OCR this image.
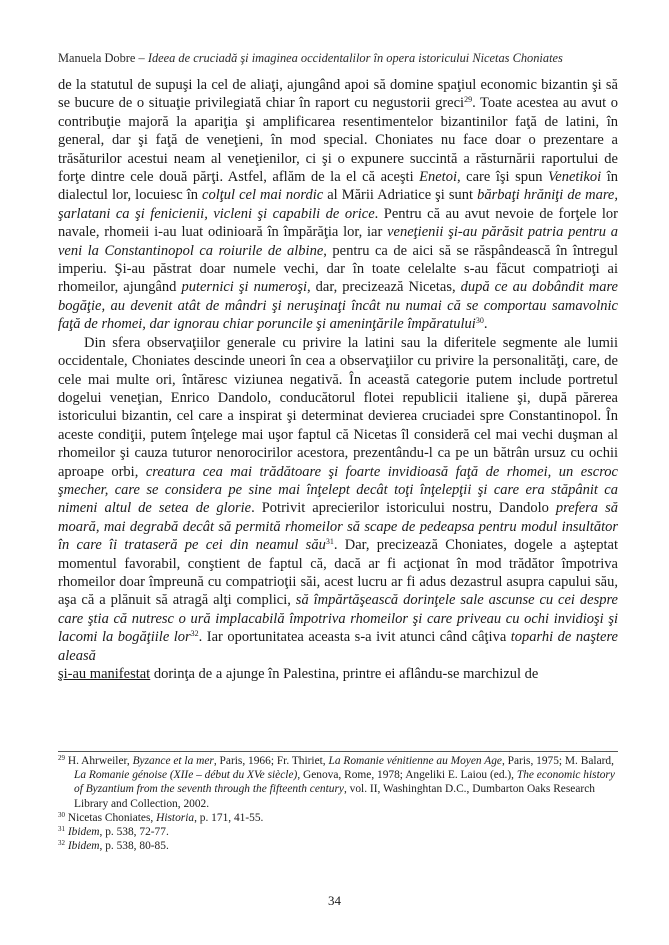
Manuela Dobre – Ideea de cruciadă şi imaginea occidentalilor în opera istoricului Nicetas Choniates

de la statutul de supuşi la cel de aliaţi, ajungând apoi să domine spaţiul economic bizantin şi să se bucure de o situaţie privilegiată chiar în raport cu negustorii greci$^{29}$. Toate acestea au avut o contribuţie majoră la apariţia şi amplificarea resentimentelor bizantinilor faţă de latini, în general, dar şi faţă de veneţieni, în mod special. Choniates nu face doar o prezentare a trăsăturilor acestui neam al veneţienilor, ci şi o expunere succintă a răsturnării raportului de forţe dintre cele două părţi. Astfel, aflăm de la el că aceşti Enetoi, care îşi spun Venetikoi în dialectul lor, locuiesc în colţul cel mai nordic al Mării Adriatice şi sunt bărbaţi hrăniţi de mare, şarlatani ca şi fenicienii, vicleni şi capabili de orice. Pentru că au avut nevoie de forţele lor navale, rhomeii i-au luat odinioară în împărăţia lor, iar veneţienii şi-au părăsit patria pentru a veni la Constantinopol ca roiurile de albine, pentru ca de aici să se răspândească în întregul imperiu. Şi-au păstrat doar numele vechi, dar în toate celelalte s-au făcut compatrioţi ai rhomeilor, ajungând puternici şi numeroşi, dar, precizează Nicetas, după ce au dobândit mare bogăţie, au devenit atât de mândri şi neruşinaţi încât nu numai că se comportau samavolnic faţă de rhomei, dar ignorau chiar poruncile şi ameninţările împăratului$^{30}$.

Din sfera observaţiilor generale cu privire la latini sau la diferitele segmente ale lumii occidentale, Choniates descinde uneori în cea a observaţiilor cu privire la personalităţi, care, de cele mai multe ori, întăresc viziunea negativă. În această categorie putem include portretul dogelui veneţian, Enrico Dandolo, conducătorul flotei republicii italiene şi, după părerea istoricului bizantin, cel care a inspirat şi determinat devierea cruciadei spre Constantinopol. În aceste condiţii, putem înţelege mai uşor faptul că Nicetas îl consideră cel mai vechi duşman al rhomeilor şi cauza tuturor nenorocirilor acestora, prezentându-l ca pe un bătrân ursuz cu ochii aproape orbi, creatura cea mai trădătoare şi foarte invidioasă faţă de rhomei, un escroc şmecher, care se considera pe sine mai înţelept decât toţi înţelepţii şi care era stăpânit ca nimeni altul de setea de glorie. Potrivit aprecierilor istoricului nostru, Dandolo prefera să moară, mai degrabă decât să permită rhomeilor să scape de pedeapsa pentru modul insultător în care îi trataseră pe cei din neamul său$^{31}$. Dar, precizează Choniates, dogele a aşteptat momentul favorabil, conştient de faptul că, dacă ar fi acţionat în mod trădător împotriva rhomeilor doar împreună cu compatrioţii săi, acest lucru ar fi adus dezastrul asupra capului său, aşa că a plănuit să atragă alţi complici, să împărtăşească dorinţele sale ascunse cu cei despre care ştia că nutresc o ură implacabilă împotriva rhomeilor şi care priveau cu ochi invidioşi şi lacomi la bogăţiile lor$^{32}$. Iar oportunitatea aceasta s-a ivit atunci când câţiva toparhi de naştere aleasă
şi-au manifestat dorinţa de a ajunge în Palestina, printre ei aflându-se marchizul de

$^{29}$ H. Ahrweiler, Byzance et la mer, Paris, 1966; Fr. Thiriet, La Romanie vénitienne au Moyen Age, Paris, 1975; M. Balard, La Romanie génoise (XIIe – début du XVe siècle), Genova, Rome, 1978; Angeliki E. Laiou (ed.), The economic history of Byzantium from the seventh through the fifteenth century, vol. II, Washinghtan D.C., Dumbarton Oaks Research Library and Collection, 2002.

$^{30}$ Nicetas Choniates, Historia, p. 171, 41-55.

$^{31}$ Ibidem, p. 538, 72-77.

$^{32}$ Ibidem, p. 538, 80-85.

34
